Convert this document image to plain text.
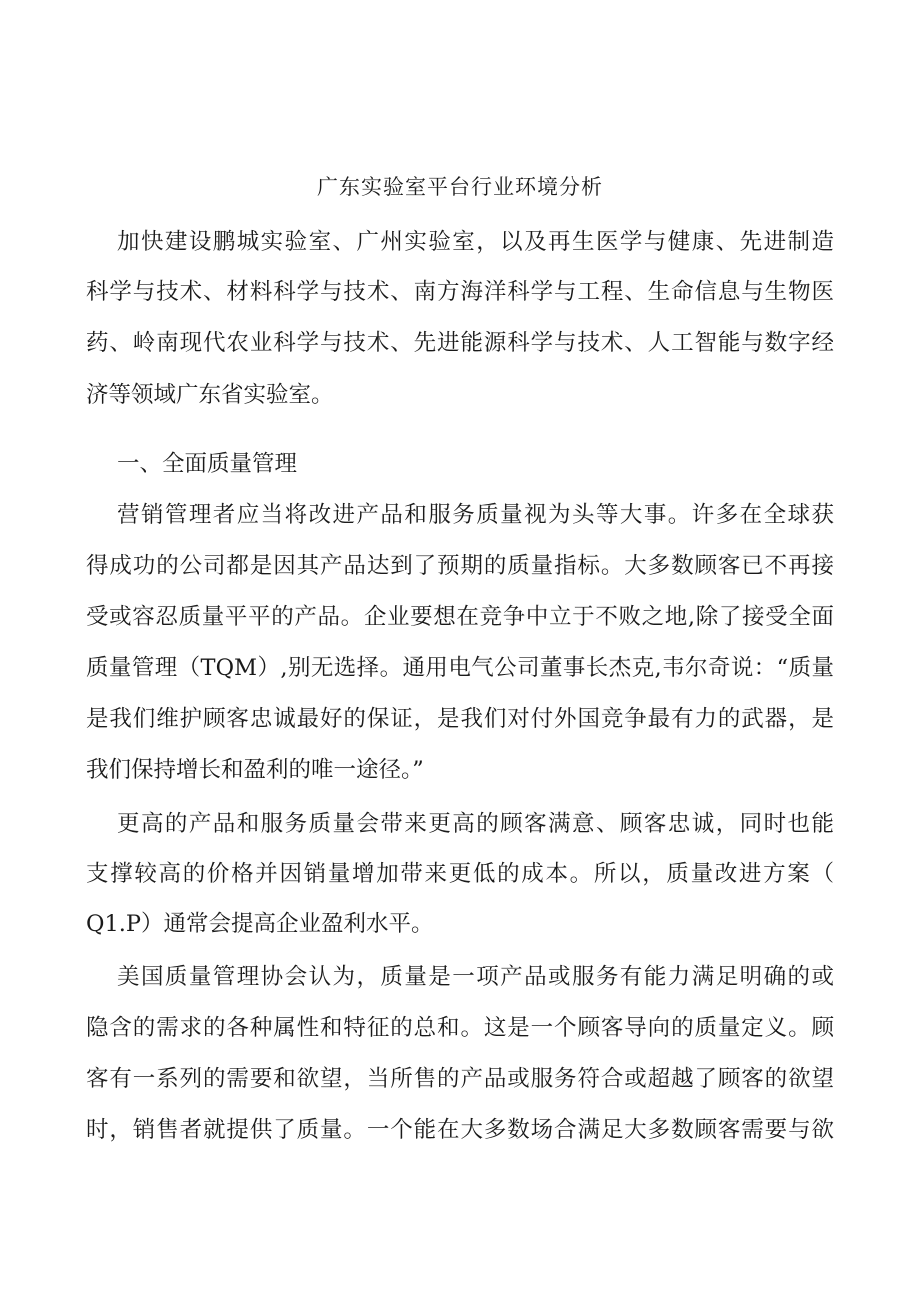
广东实验室平台行业环境分析
加快建设鹏城实验室、广州实验室，以及再生医学与健康、先进制造
科学与技术、材料科学与技术、南方海洋科学与工程、生命信息与生物医
药、岭南现代农业科学与技术、先进能源科学与技术、人工智能与数字经
济等领域广东省实验室。
一、全面质量管理
营销管理者应当将改进产品和服务质量视为头等大事。许多在全球获
得成功的公司都是因其产品达到了预期的质量指标。大多数顾客已不再接
受或容忍质量平平的产品。企业要想在竞争中立于不败之地,除了接受全面
质量管理（TQM）,别无选择。通用电气公司董事长杰克,韦尔奇说：“质量
是我们维护顾客忠诚最好的保证，是我们对付外国竞争最有力的武器，是
我们保持增长和盈利的唯一途径。”
更高的产品和服务质量会带来更高的顾客满意、顾客忠诚，同时也能
支撑较高的价格并因销量增加带来更低的成本。所以，质量改进方案（
Q1.P）通常会提高企业盈利水平。
美国质量管理协会认为，质量是一项产品或服务有能力满足明确的或
隐含的需求的各种属性和特征的总和。这是一个顾客导向的质量定义。顾
客有一系列的需要和欲望，当所售的产品或服务符合或超越了顾客的欲望
时，销售者就提供了质量。一个能在大多数场合满足大多数顾客需要与欲
